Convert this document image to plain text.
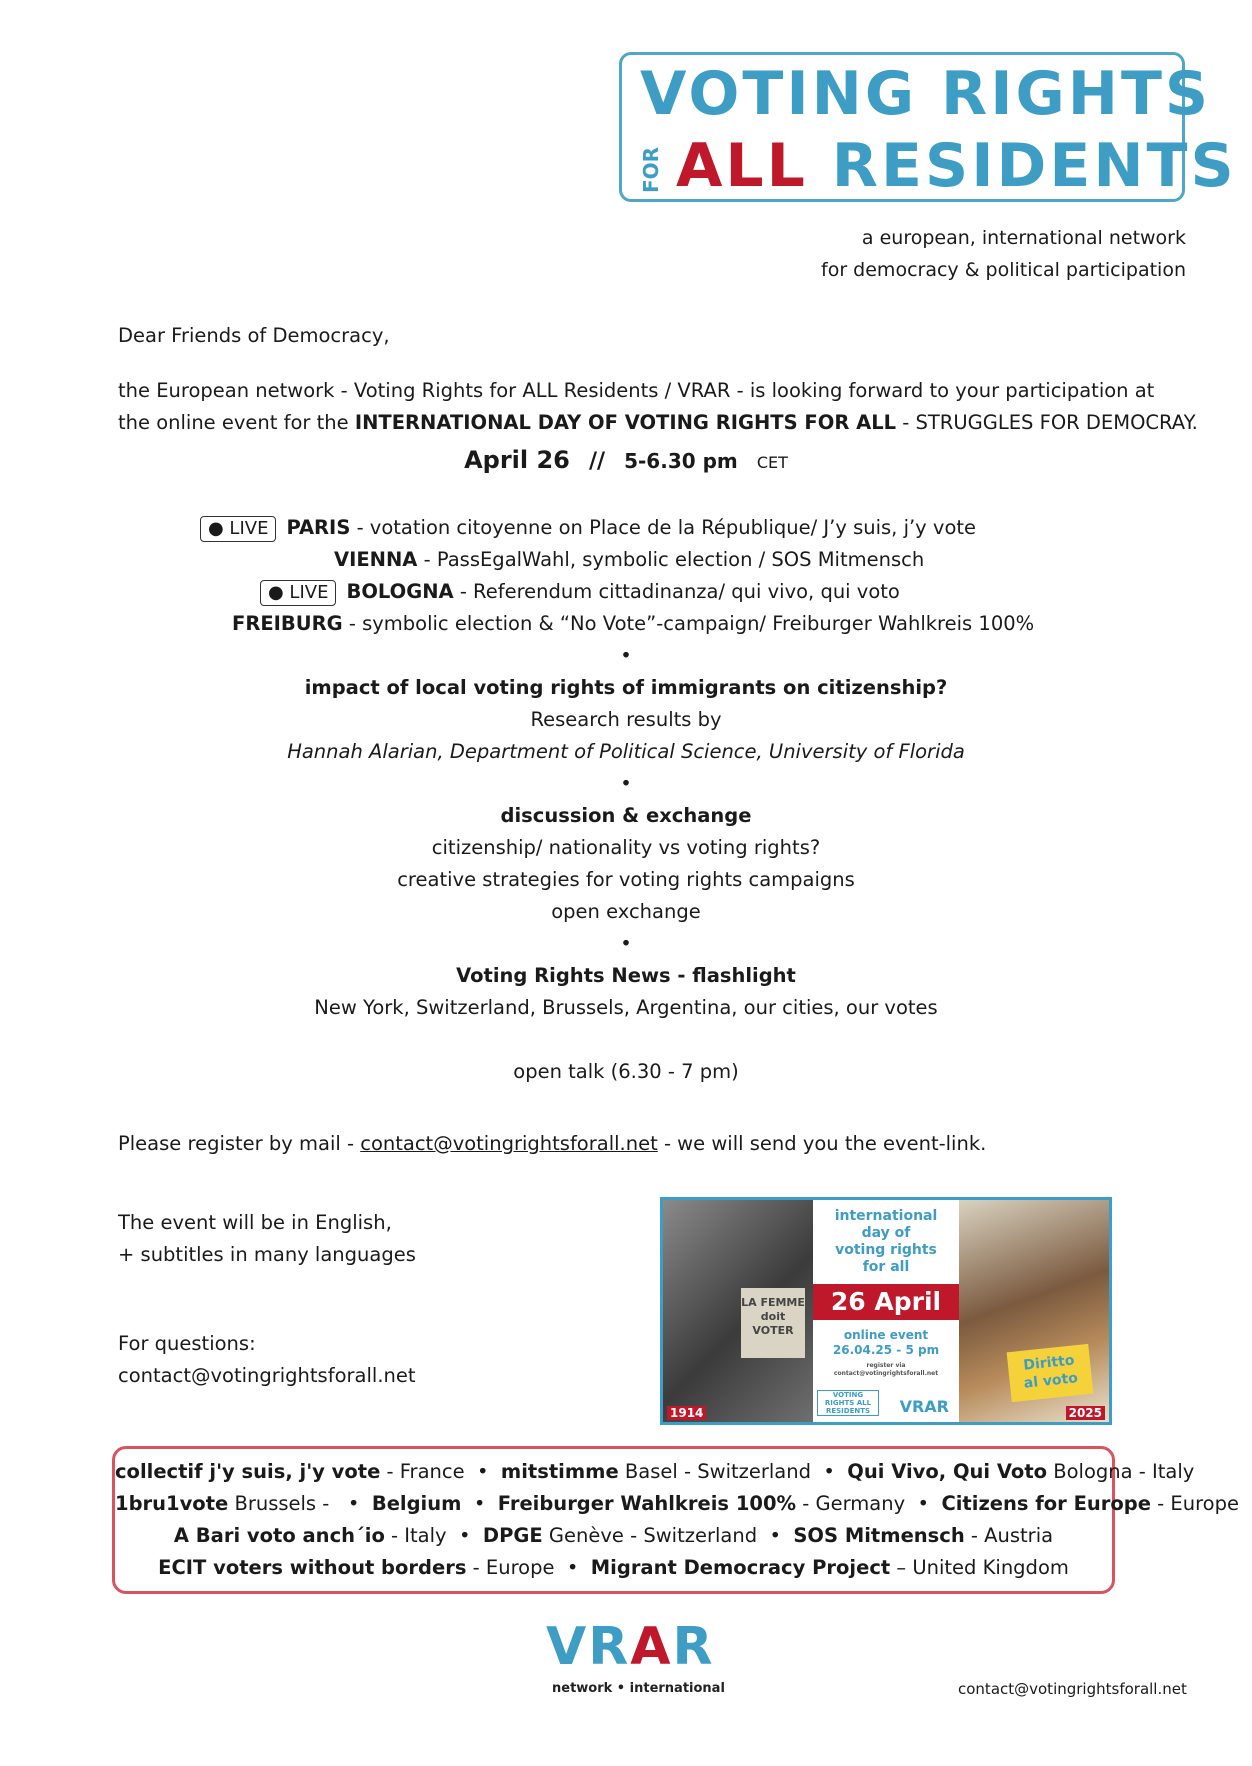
VOTING RIGHTS
FOR ALL RESIDENTS
a european, international network
for democracy & political participation
Dear Friends of Democracy,
the European network - Voting Rights for ALL Residents / VRAR - is looking forward to your participation at
the online event for the INTERNATIONAL DAY OF VOTING RIGHTS FOR ALL - STRUGGLES FOR DEMOCRAY.
April 26 // 5-6.30 pm CET
● LIVE PARIS - votation citoyenne on Place de la République/ J’y suis, j’y vote
VIENNA - PassEgalWahl, symbolic election / SOS Mitmensch
● LIVE BOLOGNA - Referendum cittadinanza/ qui vivo, qui voto
FREIBURG - symbolic election & “No Vote”-campaign/ Freiburger Wahlkreis 100%
•
impact of local voting rights of immigrants on citizenship?
Research results by
Hannah Alarian, Department of Political Science, University of Florida
•
discussion & exchange
citizenship/ nationality vs voting rights?
creative strategies for voting rights campaigns
open exchange
•
Voting Rights News - flashlight
New York, Switzerland, Brussels, Argentina, our cities, our votes
open talk (6.30 - 7 pm)
Please register by mail - contact@votingrightsforall.net - we will send you the event-link.
The event will be in English,
+ subtitles in many languages
For questions:
contact@votingrightsforall.net
LA FEMME
doit
VOTER
1914
international
day of
voting rights
for all
26 April
online event
26.04.25 - 5 pm
register via
contact@votingrightsforall.net
VOTING RIGHTS ALL RESIDENTS	VRAR
Diritto
al voto
2025
collectif j'y suis, j'y vote - France  •  mitstimme Basel - Switzerland  •  Qui Vivo, Qui Voto Bologna - Italy
1bru1vote Brussels -   •  Belgium  •  Freiburger Wahlkreis 100% - Germany  •  Citizens for Europe - Europe
A Bari voto anch´io - Italy  •  DPGE Genève - Switzerland  •  SOS Mitmensch - Austria
ECIT voters without borders - Europe  •  Migrant Democracy Project – United Kingdom
VRAR
network • international	contact@votingrightsforall.net
